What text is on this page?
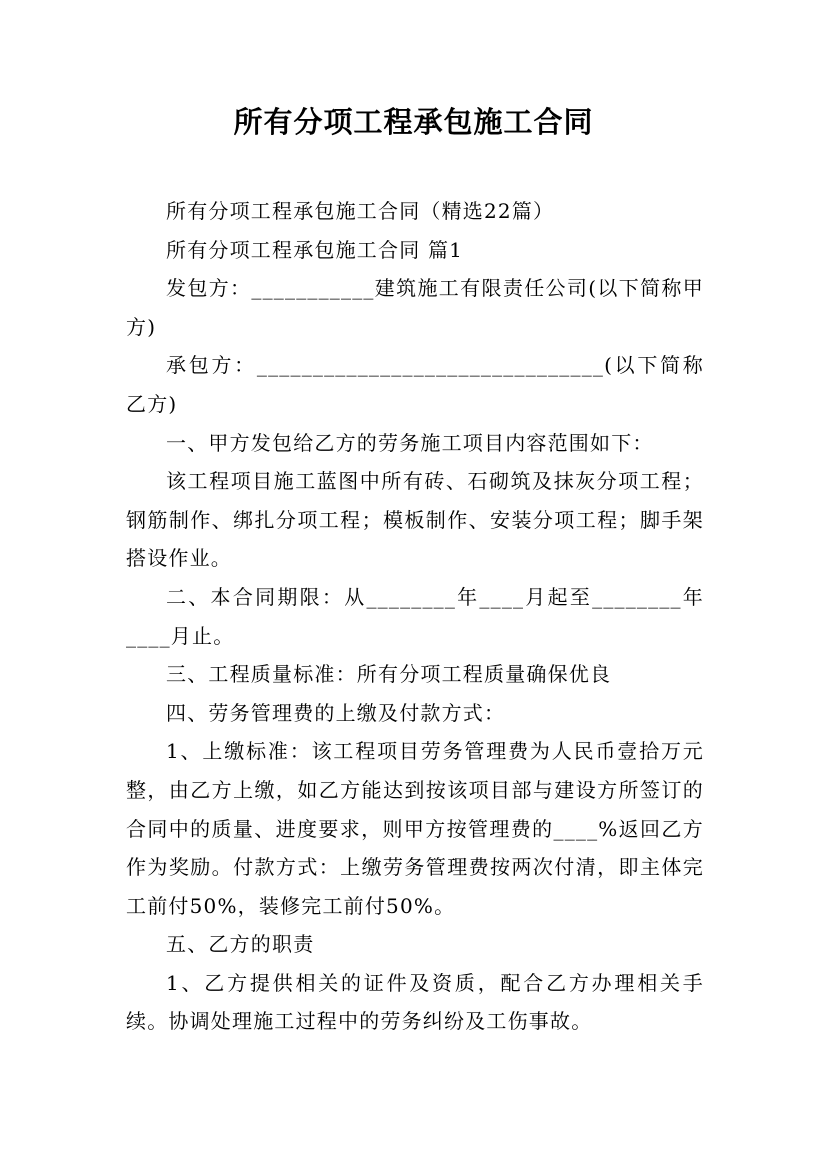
所有分项工程承包施工合同

所有分项工程承包施工合同（精选22篇）

所有分项工程承包施工合同 篇1

发包方：___________建筑施工有限责任公司(以下简称甲方)

承包方：_______________________________(以下简称乙方)

一、甲方发包给乙方的劳务施工项目内容范围如下：

该工程项目施工蓝图中所有砖、石砌筑及抹灰分项工程；钢筋制作、绑扎分项工程；模板制作、安装分项工程；脚手架搭设作业。

二、本合同期限：从________年____月起至________年____月止。

三、工程质量标准：所有分项工程质量确保优良

四、劳务管理费的上缴及付款方式：

1、上缴标准：该工程项目劳务管理费为人民币壹拾万元整，由乙方上缴，如乙方能达到按该项目部与建设方所签订的合同中的质量、进度要求，则甲方按管理费的____%返回乙方作为奖励。付款方式：上缴劳务管理费按两次付清，即主体完工前付50%，装修完工前付50%。

五、乙方的职责

1、乙方提供相关的证件及资质，配合乙方办理相关手续。协调处理施工过程中的劳务纠纷及工伤事故。
